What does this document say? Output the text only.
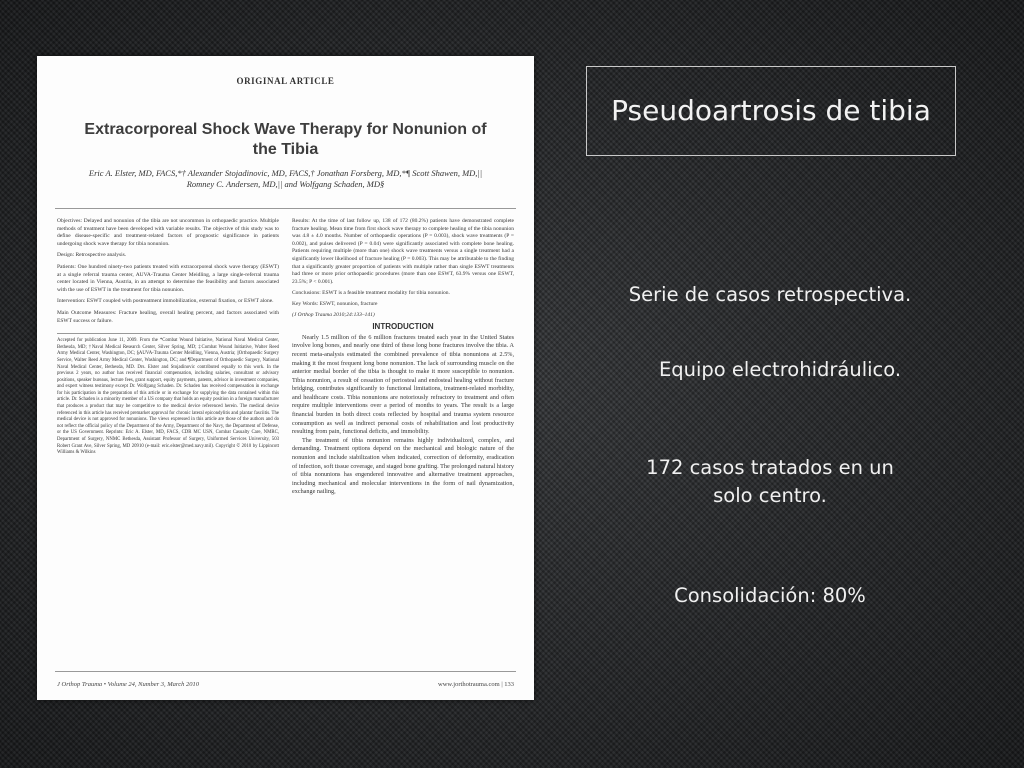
ORIGINAL ARTICLE
Extracorporeal Shock Wave Therapy for Nonunion of the Tibia
Eric A. Elster, MD, FACS,*† Alexander Stojadinovic, MD, FACS,† Jonathan Forsberg, MD,*¶ Scott Shawen, MD,|| Romney C. Andersen, MD,|| and Wolfgang Schaden, MD§

Objectives: Delayed and nonunion of the tibia are not uncommon in orthopaedic practice. Multiple methods of treatment have been developed with variable results. The objective of this study was to define disease-specific and treatment-related factors of prognostic significance in patients undergoing shock wave therapy for tibia nonunion.

Design: Retrospective analysis.

Patients: One hundred ninety-two patients treated with extracorporeal shock wave therapy (ESWT) at a single referral trauma center, AUVA-Trauma Center Meidling, a large single-referral trauma center located in Vienna, Austria, in an attempt to determine the feasibility and factors associated with the use of ESWT in the treatment for tibia nonunion.

Intervention: ESWT coupled with postreatment immobilization, external fixation, or ESWT alone.

Main Outcome Measures: Fracture healing, overall healing percent, and factors associated with ESWT success or failure.

Accepted for publication June 11, 2009. From the *Combat Wound Initiative, National Naval Medical Center, Bethesda, MD; †Naval Medical Research Center, Silver Spring, MD; ‡Combat Wound Initiative, Walter Reed Army Medical Center, Washington, DC; §AUVA-Trauma Center Meidling, Vienna, Austria; ||Orthopaedic Surgery Service, Walter Reed Army Medical Center, Washington, DC; and ¶Department of Orthopaedic Surgery, National Naval Medical Center, Bethesda, MD. Drs. Elster and Stojadinovic contributed equally to this work. In the previous 2 years, no author has received financial compensation, including salaries, consultant or advisory positions, speaker bureaus, lecture fees, grant support, equity payments, patents, advisor in investment companies, and expert witness testimony except Dr. Wolfgang Schaden. Dr. Schaden has received compensation in exchange for his participation in the preparation of this article or in exchange for supplying the data contained within this article. Dr. Schaden is a minority member of a US company that holds an equity position in a foreign manufacturer that produces a product that may be competitive to the medical device referenced herein. The medical device referenced in this article has received premarket approval for chronic lateral epicondylitis and plantar fasciitis. The medical device is not approved for nonunions. The views expressed in this article are those of the authors and do not reflect the official policy of the Department of the Army, Department of the Navy, the Department of Defense, or the US Government. Reprints: Eric A. Elster, MD, FACS, CDR MC USN, Combat Casualty Care, NMRC, Department of Surgery, NNMC Bethesda, Assistant Professor of Surgery, Uniformed Services University, 503 Robert Grant Ave, Silver Spring, MD 20910 (e-mail: eric.elster@med.navy.mil). Copyright © 2010 by Lippincott Williams & Wilkins

Results: At the time of last follow up, 138 of 172 (80.2%) patients have demonstrated complete fracture healing. Mean time from first shock wave therapy to complete healing of the tibia nonunion was 4.8 ± 4.0 months. Number of orthopaedic operations (P = 0.003), shock wave treatments (P = 0.002), and pulses delivered (P = 0.04) were significantly associated with complete bone healing. Patients requiring multiple (more than one) shock wave treatments versus a single treatment had a significantly lower likelihood of fracture healing (P = 0.003). This may be attributable to the finding that a significantly greater proportion of patients with multiple rather than single ESWT treatments had three or more prior orthopaedic procedures (more than one ESWT, 63.9% versus one ESWT, 23.5%; P < 0.001).

Conclusions: ESWT is a feasible treatment modality for tibia nonunion.

Key Words: ESWT, nonunion, fracture

(J Orthop Trauma 2010;24:133–141)

INTRODUCTION

Nearly 1.5 million of the 6 million fractures treated each year in the United States involve long bones, and nearly one third of these long bone fractures involve the tibia. A recent meta-analysis estimated the combined prevalence of tibia nonunions at 2.5%, making it the most frequent long bone nonunion. The lack of surrounding muscle on the anterior medial border of the tibia is thought to make it more susceptible to nonunion. Tibia nonunion, a result of cessation of periosteal and endosteal healing without fracture bridging, contributes significantly to functional limitations, treatment-related morbidity, and healthcare costs. Tibia nonunions are notoriously refractory to treatment and often require multiple interventions over a period of months to years. The result is a large financial burden in both direct costs reflected by hospital and trauma system resource consumption as well as indirect personal costs of rehabilitation and lost productivity resulting from pain, functional deficits, and immobility.

The treatment of tibia nonunion remains highly individualized, complex, and demanding. Treatment options depend on the mechanical and biologic nature of the nonunion and include stabilization when indicated, correction of deformity, eradication of infection, soft tissue coverage, and staged bone grafting. The prolonged natural history of tibia nonunions has engendered innovative and alternative treatment approaches, including mechanical and molecular interventions in the form of nail dynamization, exchange nailing,

J Orthop Trauma • Volume 24, Number 3, March 2010	www.jorthotrauma.com | 133
Pseudoartrosis de tibia
Serie de casos retrospectiva.
Equipo electrohidráulico.
172 casos tratados en un
solo centro.
Consolidación: 80%
